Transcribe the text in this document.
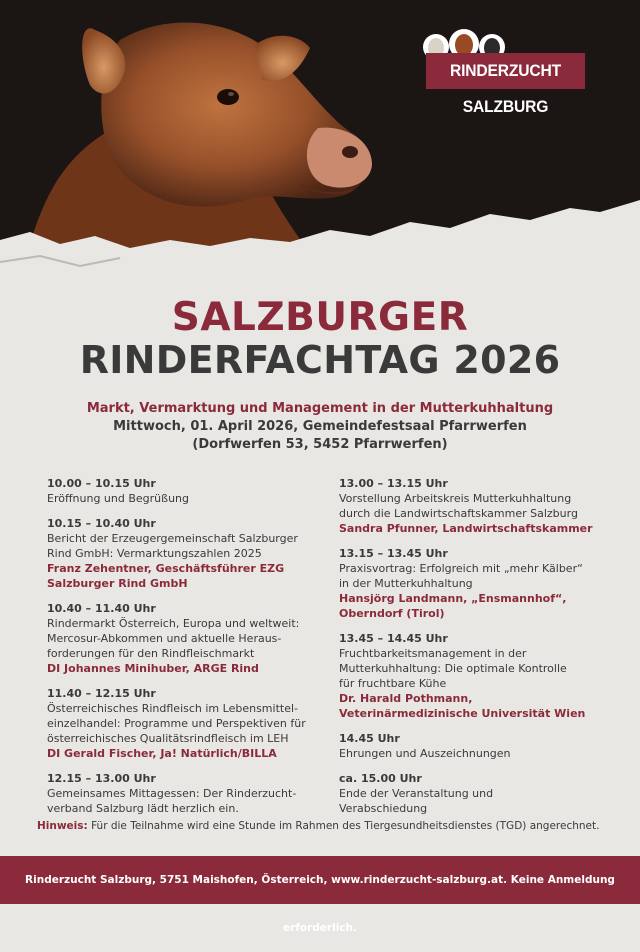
RINDERZUCHT SALZBURG
SALZBURGER
RINDERFACHTAG 2026
Markt, Vermarktung und Management in der Mutterkuhhaltung
Mittwoch, 01. April 2026, Gemeindefestsaal Pfarrwerfen
(Dorfwerfen 53, 5452 Pfarrwerfen)
10.00 – 10.15 Uhr
Eröffnung und Begrüßung
10.15 – 10.40 Uhr
Bericht der Erzeugergemeinschaft Salzburger
Rind GmbH: Vermarktungszahlen 2025
Franz Zehentner, Geschäftsführer EZG
Salzburger Rind GmbH
10.40 – 11.40 Uhr
Rindermarkt Österreich, Europa und weltweit:
Mercosur-Abkommen und aktuelle Heraus-
forderungen für den Rindfleischmarkt
DI Johannes Minihuber, ARGE Rind
11.40 – 12.15 Uhr
Österreichisches Rindfleisch im Lebensmittel-
einzelhandel: Programme und Perspektiven für
österreichisches Qualitätsrindfleisch im LEH
DI Gerald Fischer, Ja! Natürlich/BILLA
12.15 – 13.00 Uhr
Gemeinsames Mittagessen: Der Rinderzucht-
verband Salzburg lädt herzlich ein.
13.00 – 13.15 Uhr
Vorstellung Arbeitskreis Mutterkuhhaltung
durch die Landwirtschaftskammer Salzburg
Sandra Pfunner, Landwirtschaftskammer
13.15 – 13.45 Uhr
Praxisvortrag: Erfolgreich mit „mehr Kälber“
in der Mutterkuhhaltung
Hansjörg Landmann, „Ensmannhof“,
Oberndorf (Tirol)
13.45 – 14.45 Uhr
Fruchtbarkeitsmanagement in der
Mutterkuhhaltung: Die optimale Kontrolle
für fruchtbare Kühe
Dr. Harald Pothmann,
Veterinärmedizinische Universität Wien
14.45 Uhr
Ehrungen und Auszeichnungen
ca. 15.00 Uhr
Ende der Veranstaltung und
Verabschiedung
Hinweis: Für die Teilnahme wird eine Stunde im Rahmen des Tiergesundheitsdienstes (TGD) angerechnet.
Rinderzucht Salzburg, 5751 Maishofen, Österreich, www.rinderzucht-salzburg.at. Keine Anmeldung erforderlich.
